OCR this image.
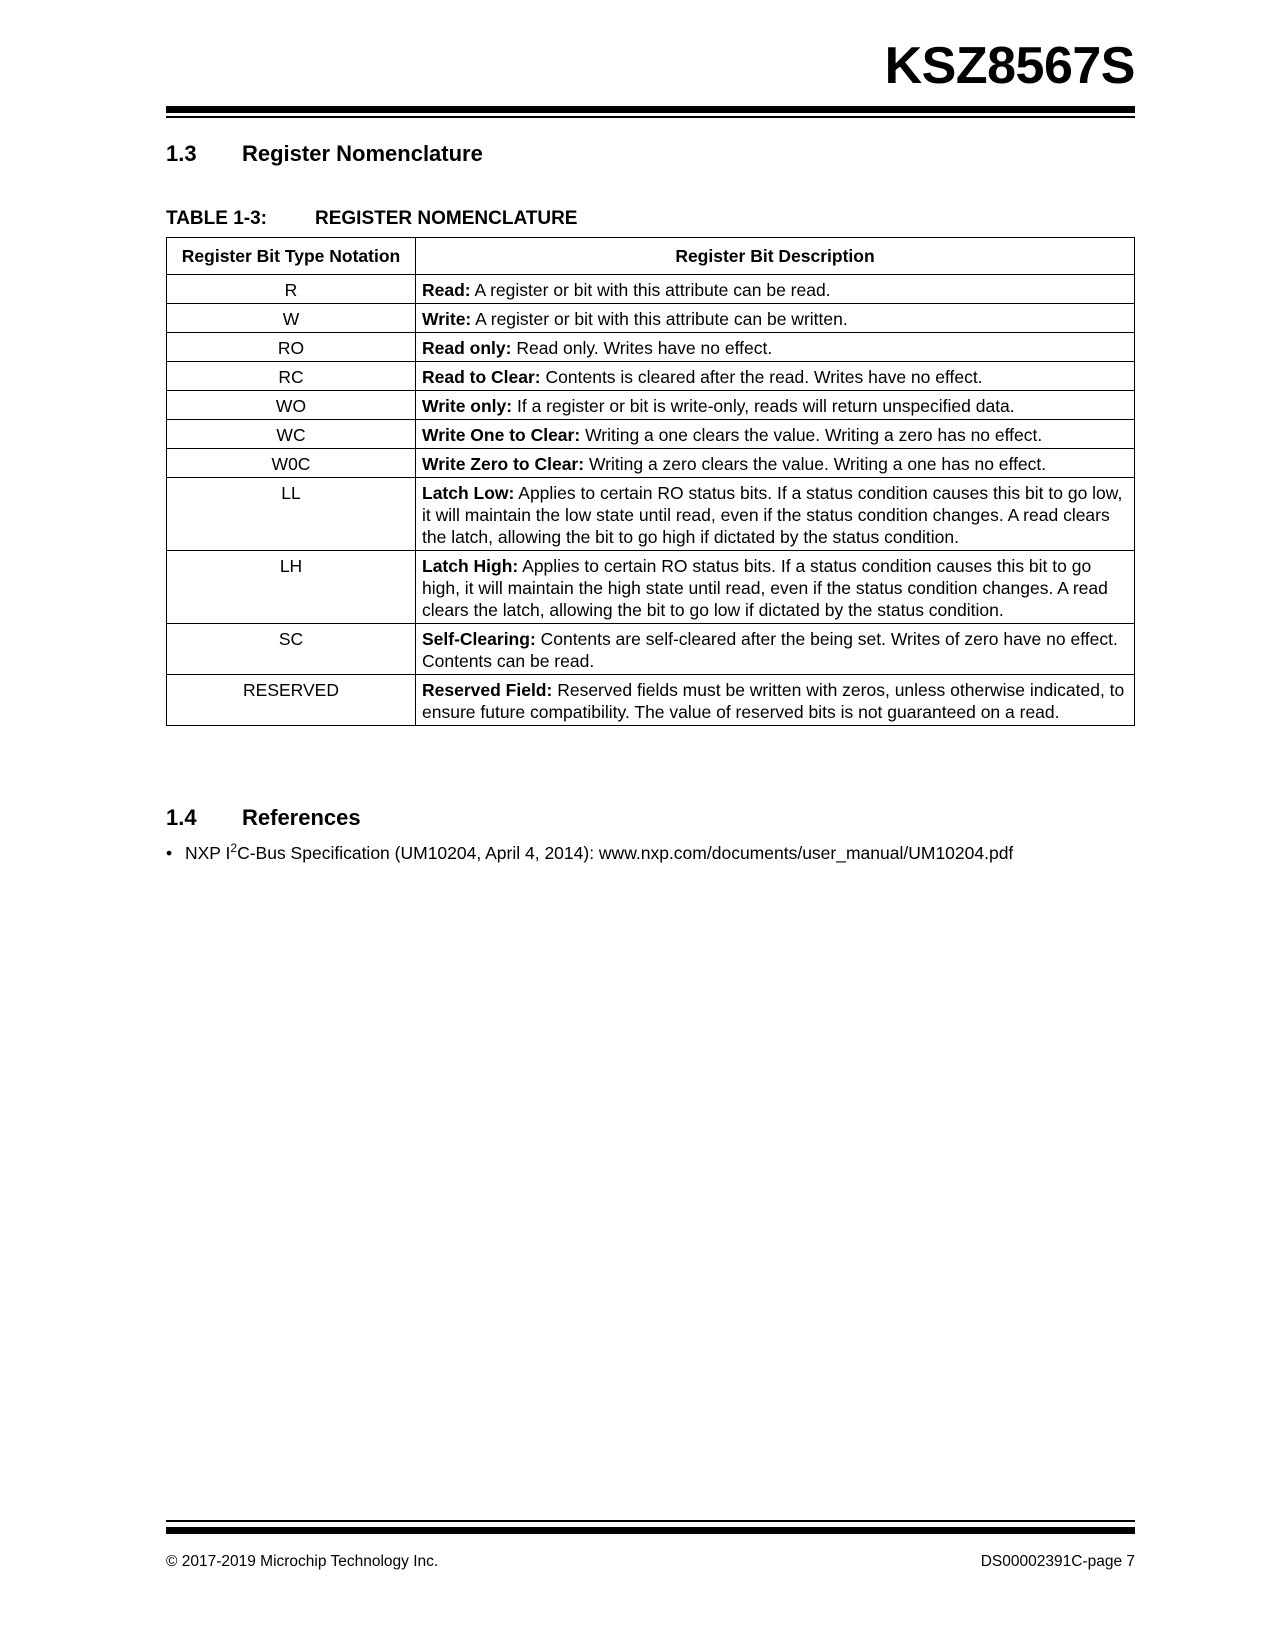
KSZ8567S
1.3 Register Nomenclature
TABLE 1-3:	REGISTER NOMENCLATURE
Register Bit Type Notation	Register Bit Description
R	Read: A register or bit with this attribute can be read.
W	Write: A register or bit with this attribute can be written.
RO	Read only: Read only. Writes have no effect.
RC	Read to Clear: Contents is cleared after the read. Writes have no effect.
WO	Write only: If a register or bit is write-only, reads will return unspecified data.
WC	Write One to Clear: Writing a one clears the value. Writing a zero has no effect.
W0C	Write Zero to Clear: Writing a zero clears the value. Writing a one has no effect.
LL	Latch Low: Applies to certain RO status bits. If a status condition causes this bit to go low, it will maintain the low state until read, even if the status condition changes. A read clears the latch, allowing the bit to go high if dictated by the status condition.
LH	Latch High: Applies to certain RO status bits. If a status condition causes this bit to go high, it will maintain the high state until read, even if the status condition changes. A read clears the latch, allowing the bit to go low if dictated by the status condition.
SC	Self-Clearing: Contents are self-cleared after the being set. Writes of zero have no effect. Contents can be read.
RESERVED	Reserved Field: Reserved fields must be written with zeros, unless otherwise indicated, to ensure future compatibility. The value of reserved bits is not guaranteed on a read.
1.4 References
• NXP $I^2C$-Bus Specification (UM10204, April 4, 2014): www.nxp.com/documents/user_manual/UM10204.pdf
© 2017-2019 Microchip Technology Inc.	DS00002391C-page 7
